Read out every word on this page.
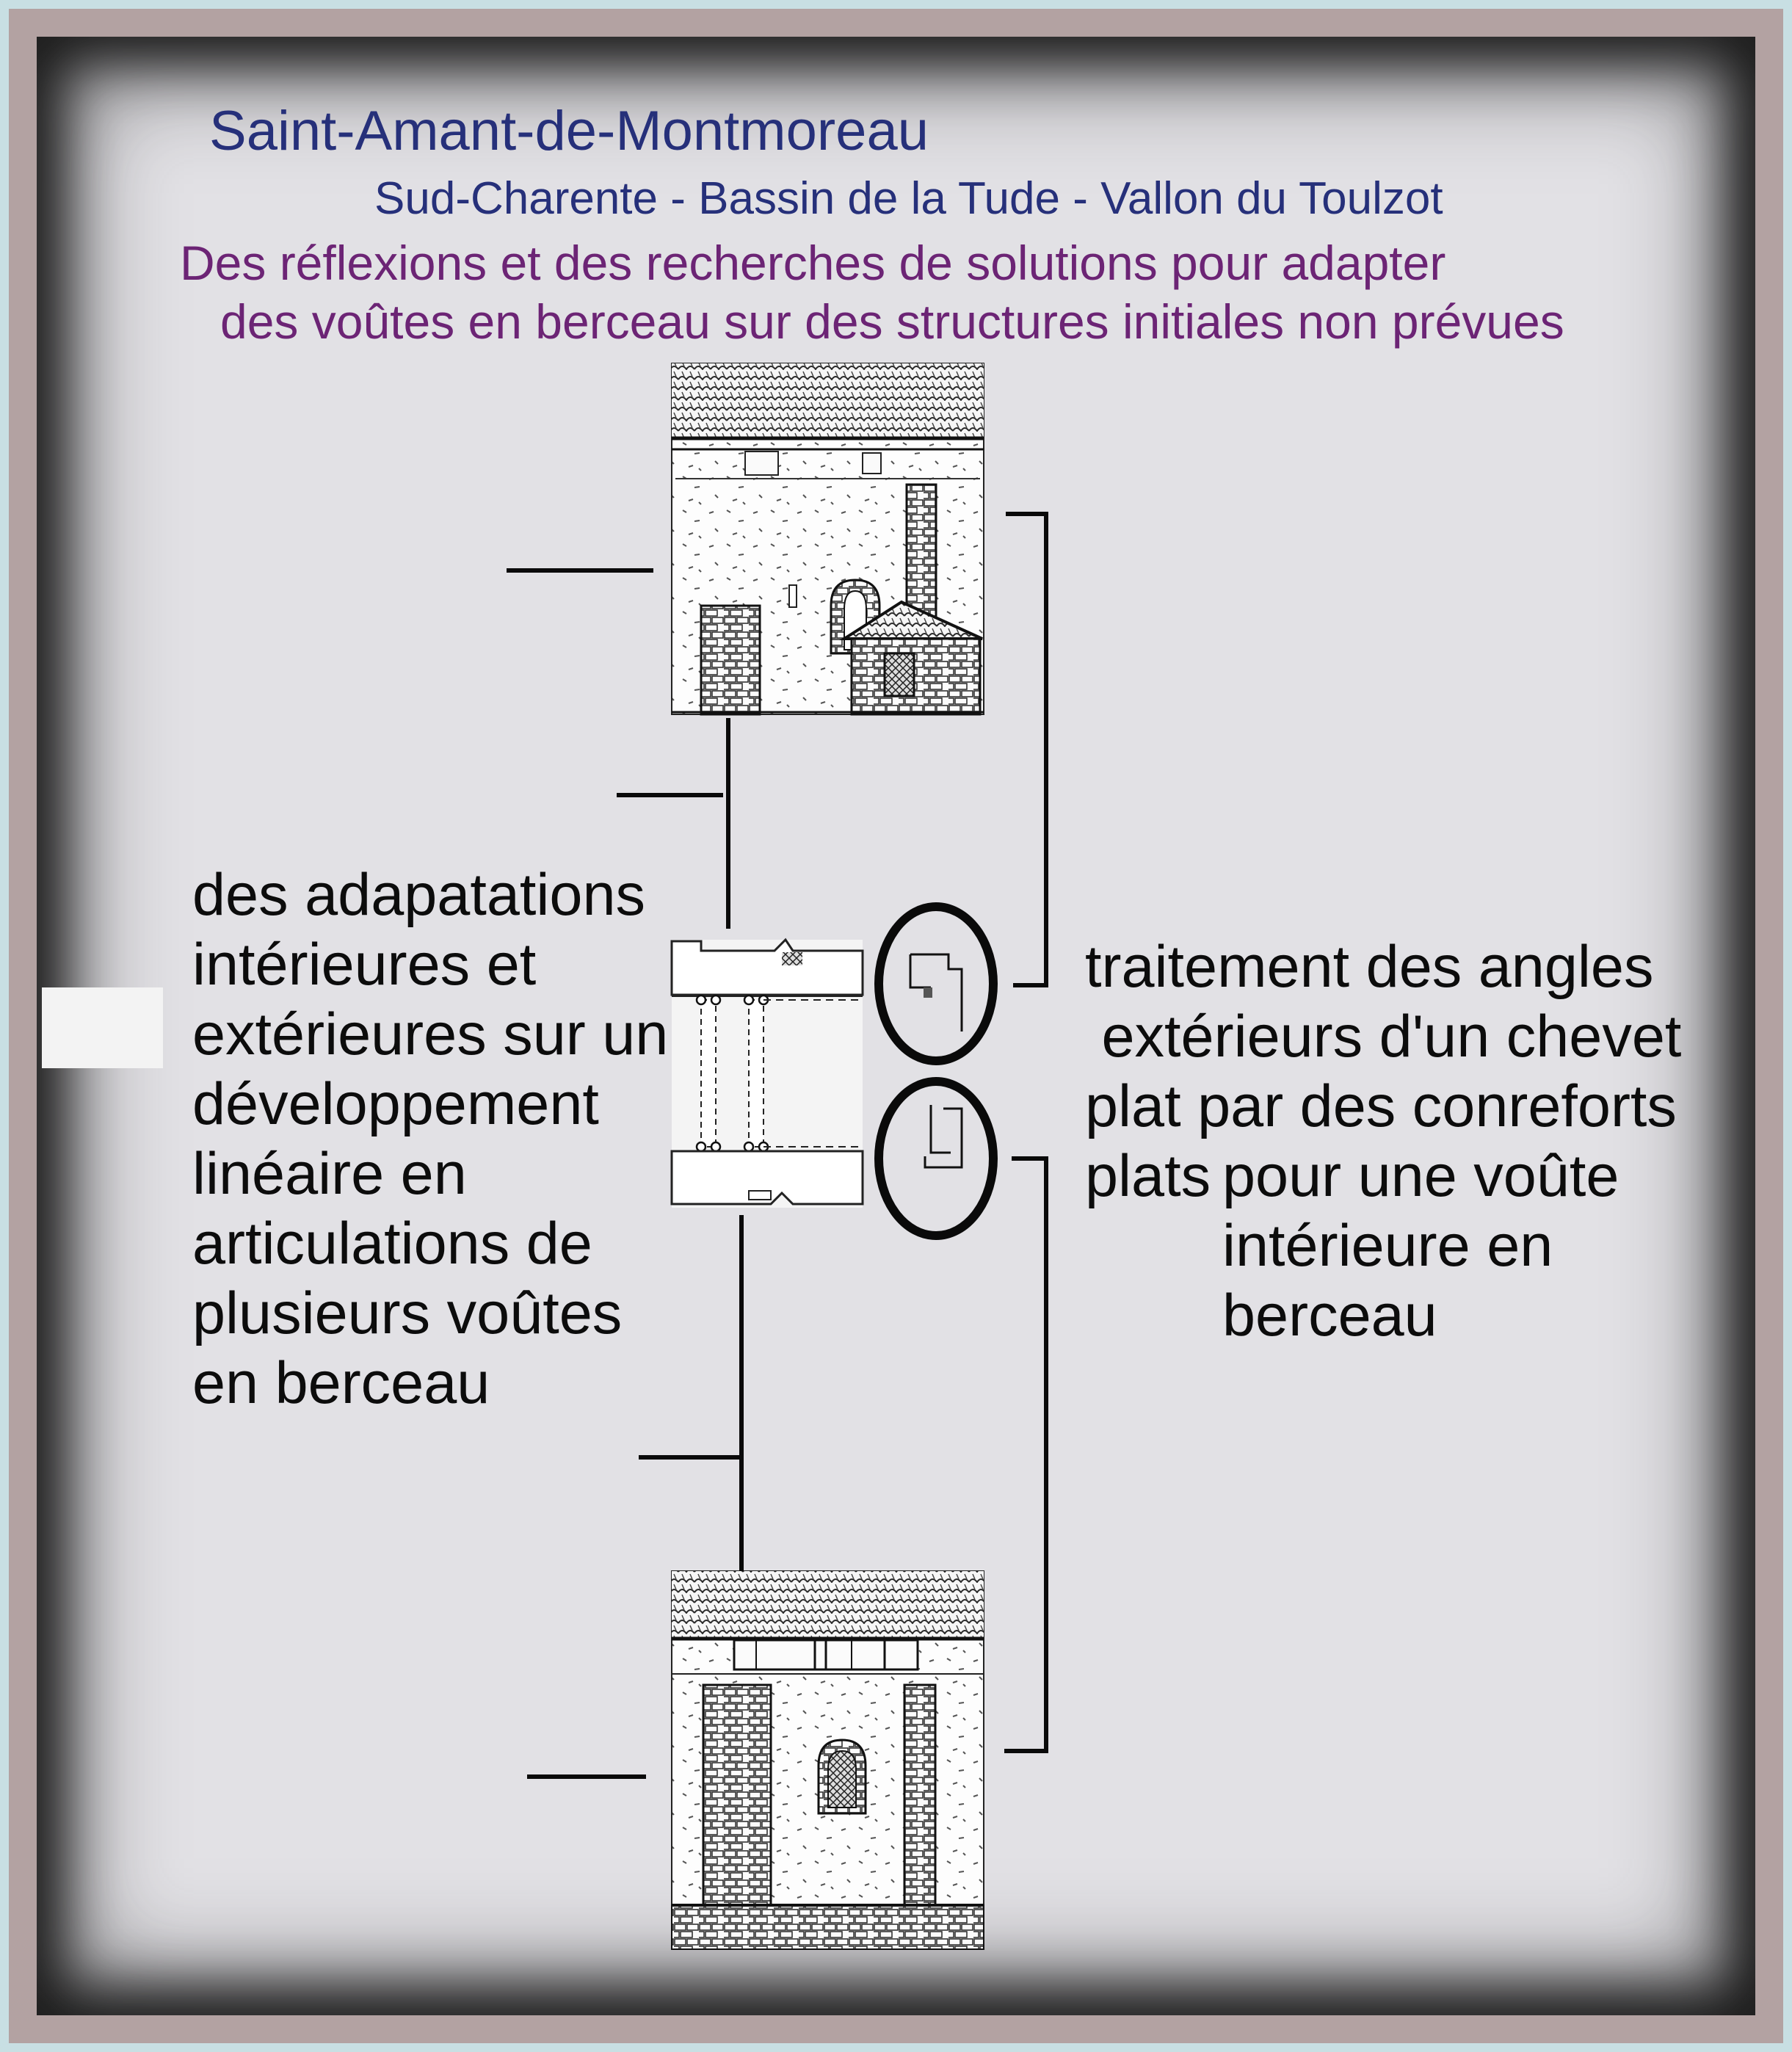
Saint-Amant-de-Montmoreau

Sud-Charente - Bassin de la Tude - Vallon du Toulzot

Des réflexions et des recherches de solutions pour adapter

des voûtes en berceau sur des structures initiales non prévues

des adapatations
intérieures et
extérieures sur un
développement
linéaire en
articulations de
plusieurs voûtes
en berceau
traitement des angles
extérieurs d'un chevet
plat par des conreforts
plats pour une voûte
intérieure en
berceau
